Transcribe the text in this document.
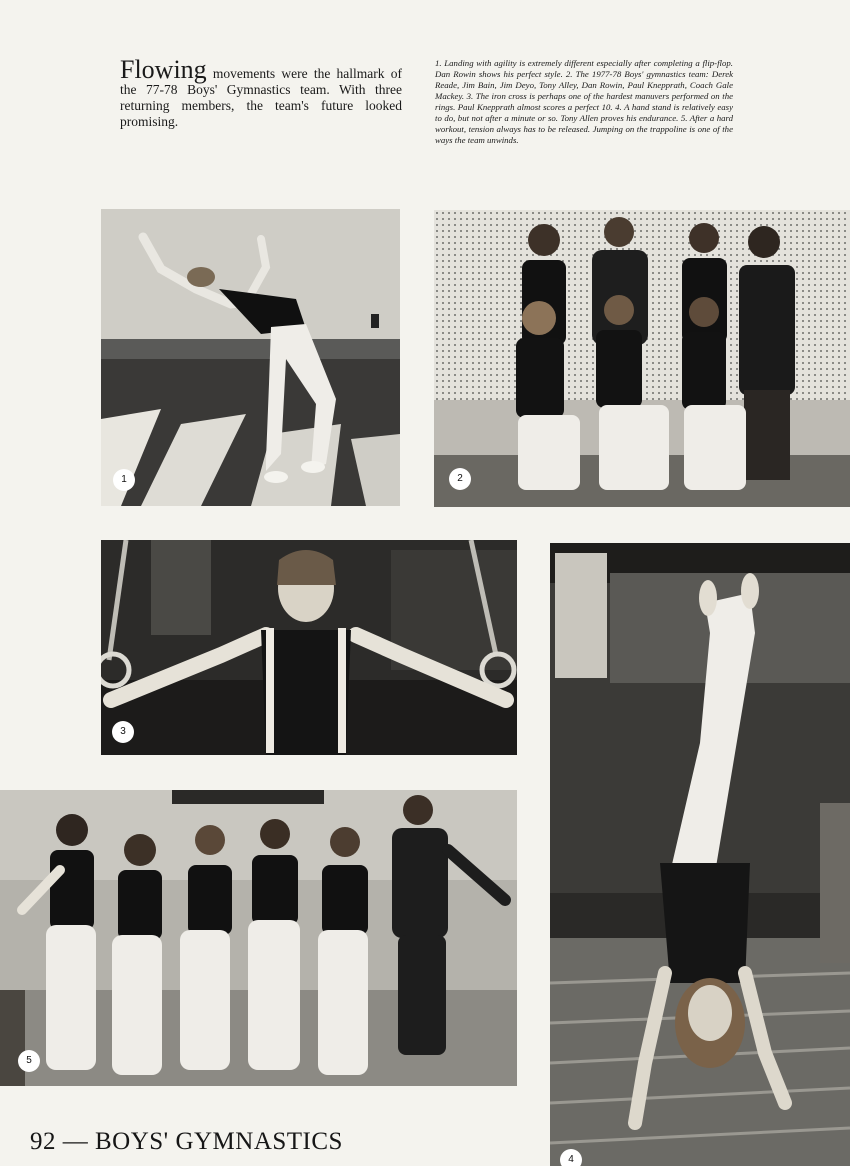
Flowing movements were the hallmark of the 77-78 Boys' Gymnastics team. With three returning members, the team's future looked promising.
1. Landing with agility is extremely different especially after completing a flip-flop. Dan Rowin shows his perfect style. 2. The 1977-78 Boys' gymnastics team: Derek Reade, Jim Bain, Jim Deyo, Tony Alley, Dan Rowin, Paul Knepprath, Coach Gale Mackey. 3. The iron cross is perhaps one of the hardest manuvers performed on the rings. Paul Knepprath almost scores a perfect 10. 4. A hand stand is relatively easy to do, but not after a minute or so. Tony Allen proves his endurance. 5. After a hard workout, tension always has to be released. Jumping on the trappoline is one of the ways the team unwinds.
1	2
3
4
5
92 — BOYS' GYMNASTICS
